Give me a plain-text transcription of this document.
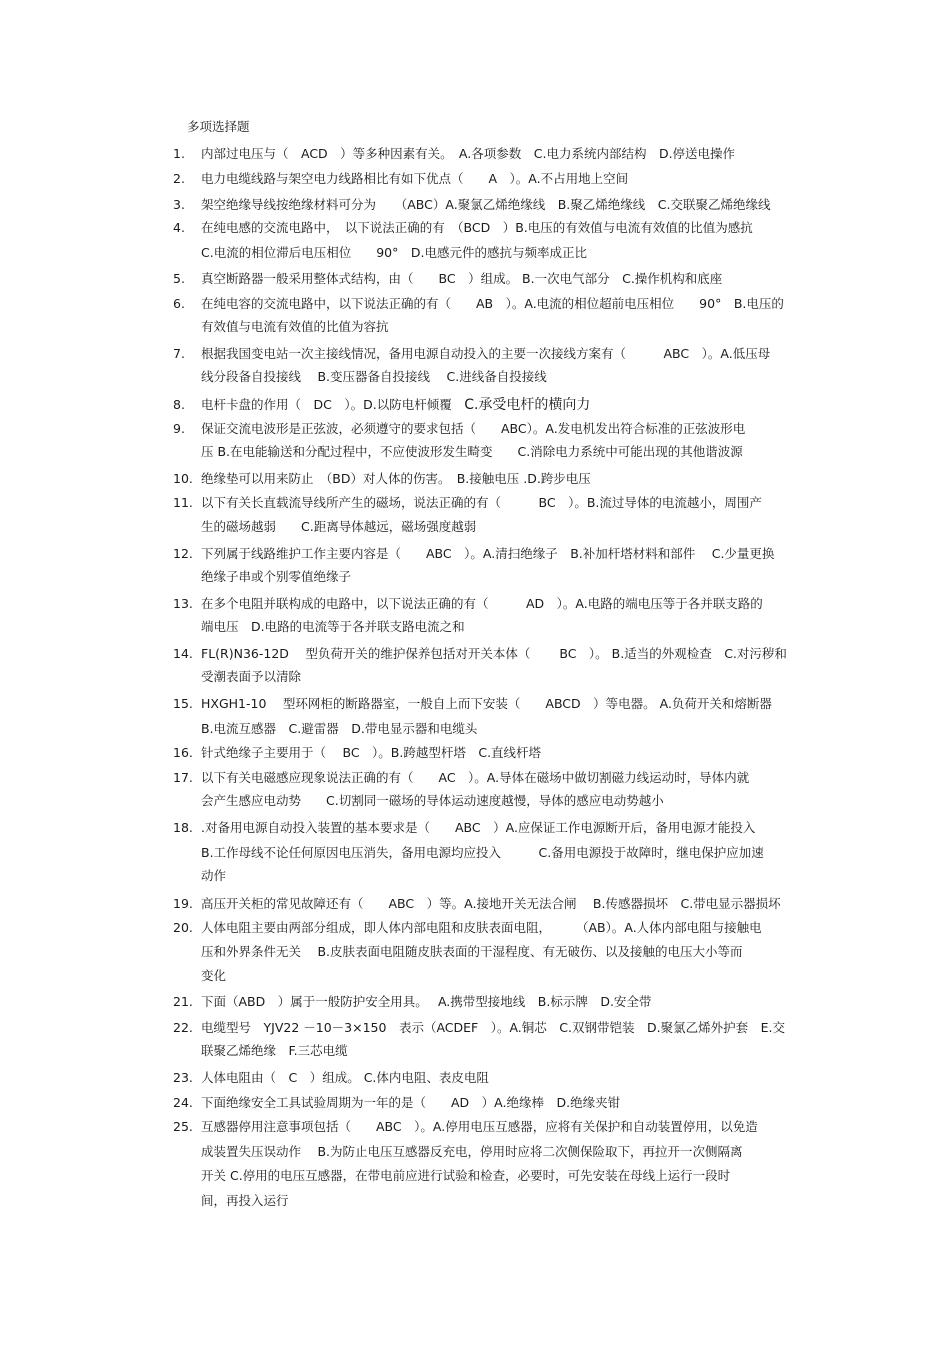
多项选择题
1. 内部过电压与（　ACD　）等多种因素有关。　A.各项参数　C.电力系统内部结构　D.停送电操作
2. 电力电缆线路与架空电力线路相比有如下优点（　　A　）。A.不占用地上空间
3. 架空绝缘导线按绝缘材料可分为　　（ABC）A.聚氯乙烯绝缘线　B.聚乙烯绝缘线　C.交联聚乙烯绝缘线
4. 在纯电感的交流电路中，　以下说法正确的有　（BCD　）B.电压的有效值与电流有效值的比值为感抗
C.电流的相位滞后电压相位　　90°　D.电感元件的感抗与频率成正比
5. 真空断路器一般采用整体式结构，由（　　BC　）组成。 B.一次电气部分　C.操作机构和底座
6. 在纯电容的交流电路中，以下说法正确的有（　　AB　）。A.电流的相位超前电压相位　　90°　B.电压的
有效值与电流有效值的比值为容抗
7. 根据我国变电站一次主接线情况，备用电源自动投入的主要一次接线方案有（　　　ABC　）。A.低压母
线分段备自投接线　 B.变压器备自投接线　 C.进线备自投接线
8. 电杆卡盘的作用（　DC　）。D.以防电杆倾覆　C.承受电杆的横向力
9. 保证交流电波形是正弦波，必须遵守的要求包括（　　ABC）。A.发电机发出符合标准的正弦波形电
压 B.在电能输送和分配过程中，不应使波形发生畸变　　C.消除电力系统中可能出现的其他谐波源
10. 绝缘垫可以用来防止　（BD）对人体的伤害。　B.接触电压 .D.跨步电压
11. 以下有关长直载流导线所产生的磁场，说法正确的有（　　　BC　）。B.流过导体的电流越小，周围产
生的磁场越弱　　C.距离导体越远，磁场强度越弱
12. 下列属于线路维护工作主要内容是（　　ABC　）。A.清扫绝缘子　B.补加杆塔材料和部件　 C.少量更换
绝缘子串或个别零值绝缘子
13. 在多个电阻并联构成的电路中，以下说法正确的有（　　　AD　）。A.电路的端电压等于各并联支路的
端电压　D.电路的电流等于各并联支路电流之和
14. FL(R)N36-12D　 型负荷开关的维护保养包括对开关本体（　　 BC　）。 B.适当的外观检查　C.对污秽和
受潮表面予以清除
15. HXGH1-10　 型环网柜的断路器室，一般自上而下安装（　　ABCD　）等电器。 A.负荷开关和熔断器
B.电流互感器　C.避雷器　D.带电显示器和电缆头
16. 针式绝缘子主要用于（　 BC　）。B.跨越型杆塔　C.直线杆塔
17. 以下有关电磁感应现象说法正确的有（　　AC　）。A.导体在磁场中做切割磁力线运动时，导体内就
会产生感应电动势　　C.切割同一磁场的导体运动速度越慢，导体的感应电动势越小
18. .对备用电源自动投入装置的基本要求是（　　ABC　）A.应保证工作电源断开后，备用电源才能投入
B.工作母线不论任何原因电压消失，备用电源均应投入　　　C.备用电源投于故障时，继电保护应加速
动作
19. 高压开关柜的常见故障还有（　　ABC　）等。A.接地开关无法合闸　 B.传感器损坏　C.带电显示器损坏
20. 人体电阻主要由两部分组成，即人体内部电阻和皮肤表面电阻，　　　（AB）。A.人体内部电阻与接触电
压和外界条件无关　 B.皮肤表面电阻随皮肤表面的干湿程度、有无破伤、以及接触的电压大小等而
变化
21. 下面（ABD　）属于一般防护安全用具。　 A.携带型接地线　B.标示牌　D.安全带
22. 电缆型号　YJV22 －10－3×150　表示（ACDEF　）。A.铜芯　C.双钢带铠装　D.聚氯乙烯外护套　E.交
联聚乙烯绝缘　F.三芯电缆
23. 人体电阻由（　C　）组成。 C.体内电阻、表皮电阻
24. 下面绝缘安全工具试验周期为一年的是（　　AD　）A.绝缘棒　D.绝缘夹钳
25. 互感器停用注意事项包括（　　ABC　）。A.停用电压互感器，应将有关保护和自动装置停用，以免造
成装置失压误动作　 B.为防止电压互感器反充电，停用时应将二次侧保险取下，再拉开一次侧隔离
开关 C.停用的电压互感器，在带电前应进行试验和检查，必要时，可先安装在母线上运行一段时
间，再投入运行
